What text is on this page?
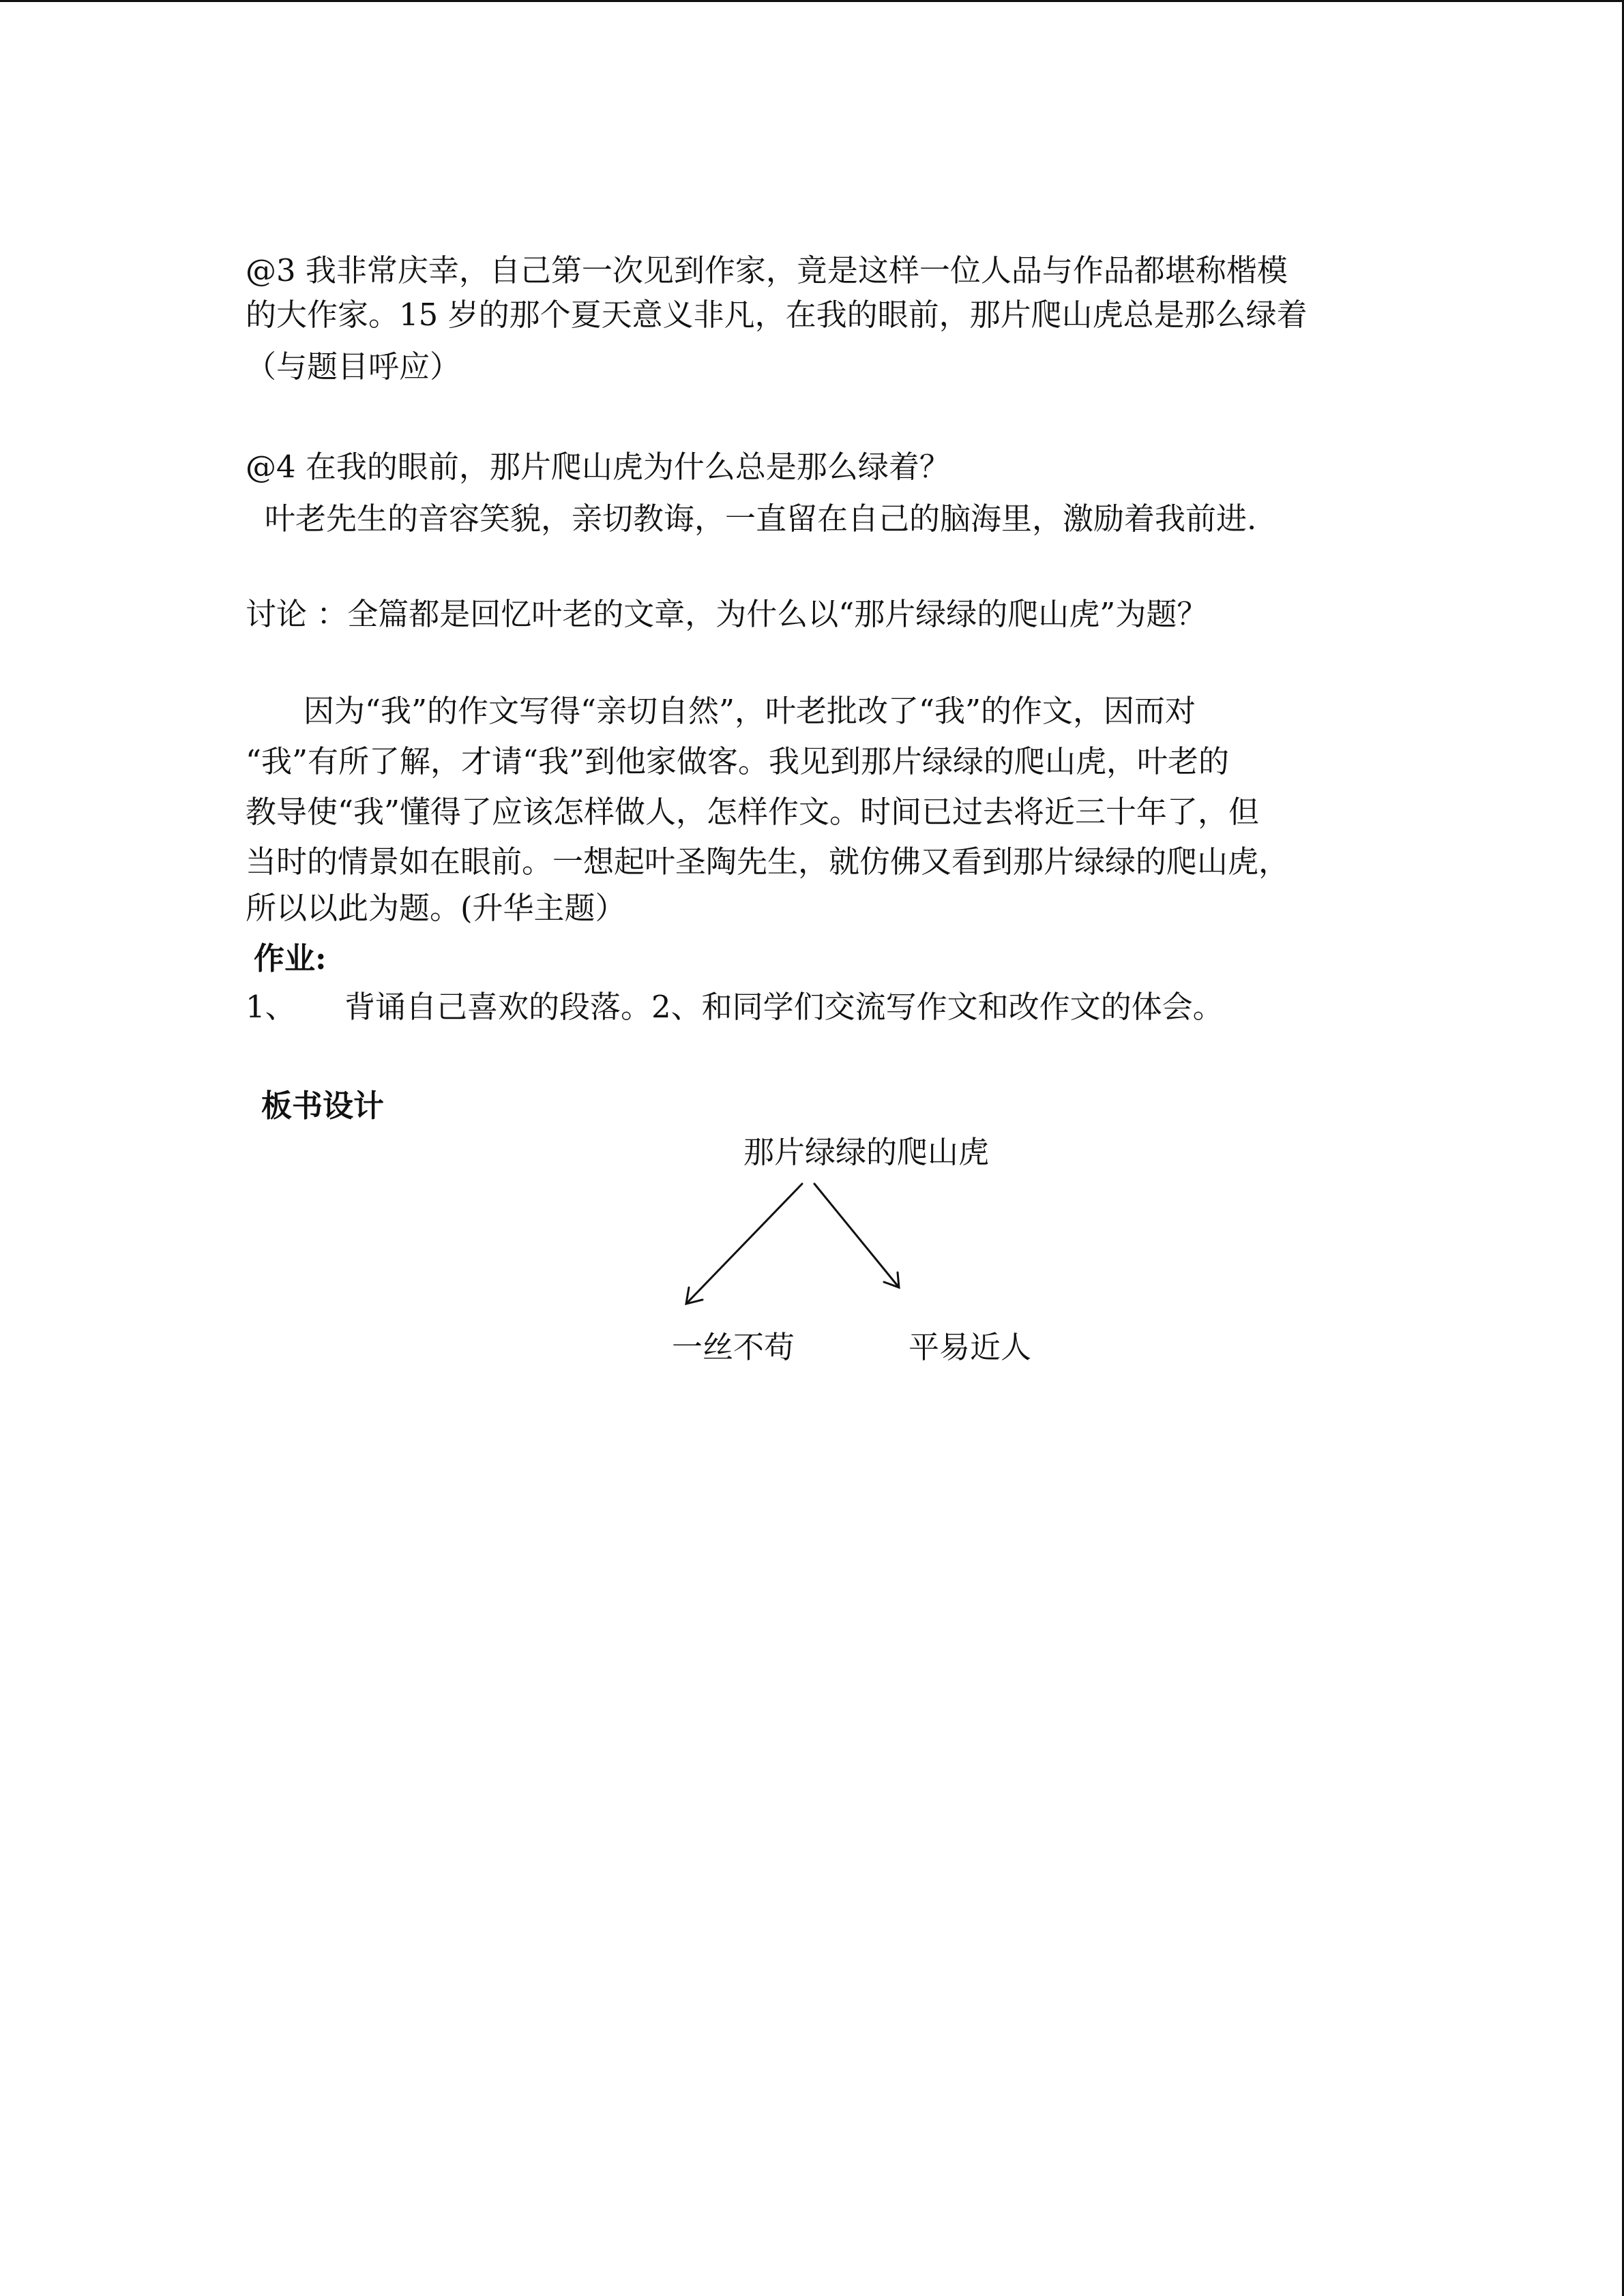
@3 我非常庆幸，自己第一次见到作家，竟是这样一位人品与作品都堪称楷模
的大作家。15 岁的那个夏天意义非凡，在我的眼前，那片爬山虎总是那么绿着
（与题目呼应）
@4 在我的眼前，那片爬山虎为什么总是那么绿着？
叶老先生的音容笑貌，亲切教诲，一直留在自己的脑海里，激励着我前进.
讨论 ：全篇都是回忆叶老的文章，为什么以“那片绿绿的爬山虎”为题？
因为“我”的作文写得“亲切自然”，叶老批改了“我”的作文，因而对
“我”有所了解，才请“我”到他家做客。我见到那片绿绿的爬山虎，叶老的
教导使“我”懂得了应该怎样做人，怎样作文。时间已过去将近三十年了，但
当时的情景如在眼前。一想起叶圣陶先生，就仿佛又看到那片绿绿的爬山虎，
所以以此为题。(升华主题）
作业:
1、 背诵自己喜欢的段落。2、和同学们交流写作文和改作文的体会。
板书设计
那片绿绿的爬山虎
一丝不苟	平易近人
